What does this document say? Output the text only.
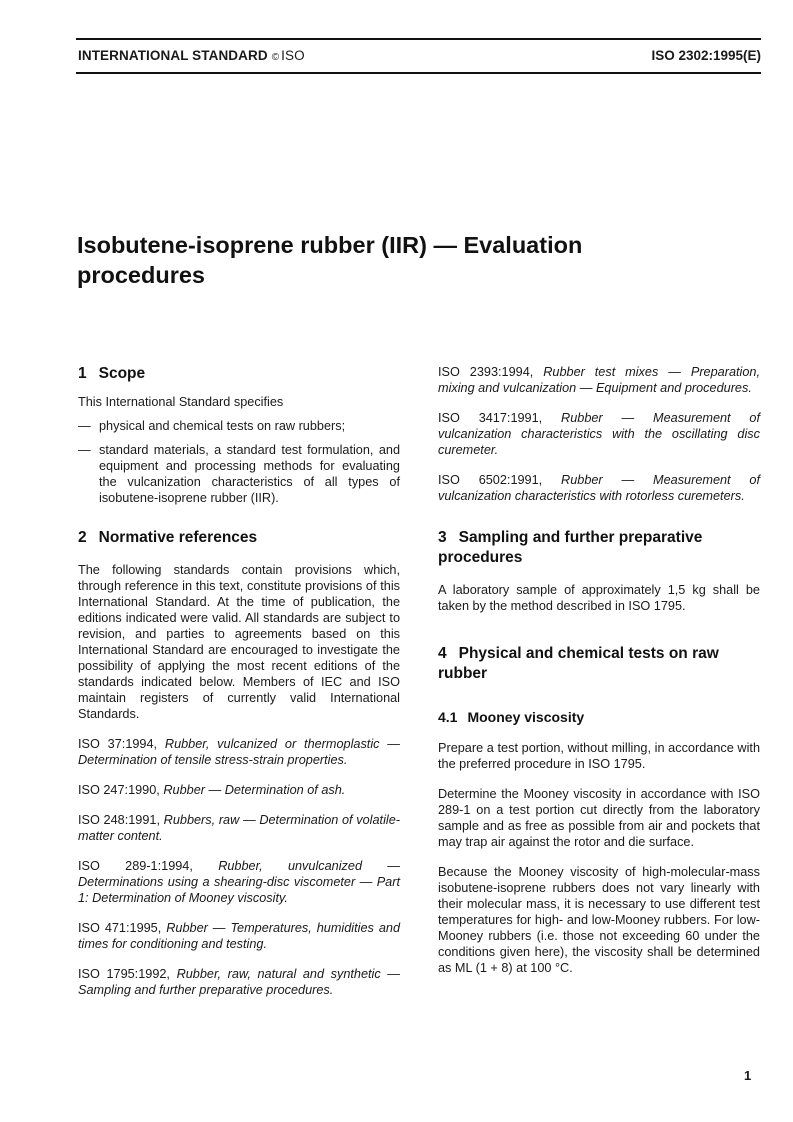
INTERNATIONAL STANDARD © ISO	ISO 2302:1995(E)
Isobutene-isoprene rubber (IIR) — Evaluation
procedures
1 Scope

This International Standard specifies

— physical and chemical tests on raw rubbers;
— standard materials, a standard test formulation, and equipment and processing methods for evaluating the vulcanization characteristics of all types of isobutene-isoprene rubber (IIR).
2 Normative references

The following standards contain provisions which, through reference in this text, constitute provisions of this International Standard. At the time of publication, the editions indicated were valid. All standards are subject to revision, and parties to agreements based on this International Standard are encouraged to investigate the possibility of applying the most recent editions of the standards indicated below. Members of IEC and ISO maintain registers of currently valid International Standards.

ISO 37:1994, Rubber, vulcanized or thermoplastic — Determination of tensile stress-strain properties.

ISO 247:1990, Rubber — Determination of ash.

ISO 248:1991, Rubbers, raw — Determination of volatile-matter content.

ISO 289-1:1994, Rubber, unvulcanized — Determinations using a shearing-disc viscometer — Part 1: Determination of Mooney viscosity.

ISO 471:1995, Rubber — Temperatures, humidities and times for conditioning and testing.

ISO 1795:1992, Rubber, raw, natural and synthetic — Sampling and further preparative procedures.

ISO 2393:1994, Rubber test mixes — Preparation, mixing and vulcanization — Equipment and procedures.

ISO 3417:1991, Rubber — Measurement of vulcanization characteristics with the oscillating disc curemeter.

ISO 6502:1991, Rubber — Measurement of vulcanization characteristics with rotorless curemeters.

3 Sampling and further preparative procedures

A laboratory sample of approximately 1,5 kg shall be taken by the method described in ISO 1795.

4 Physical and chemical tests on raw rubber
4.1 Mooney viscosity

Prepare a test portion, without milling, in accordance with the preferred procedure in ISO 1795.

Determine the Mooney viscosity in accordance with ISO 289-1 on a test portion cut directly from the laboratory sample and as free as possible from air and pockets that may trap air against the rotor and die surface.

Because the Mooney viscosity of high-molecular-mass isobutene-isoprene rubbers does not vary linearly with their molecular mass, it is necessary to use different test temperatures for high- and low-Mooney rubbers. For low-Mooney rubbers (i.e. those not exceeding 60 under the conditions given here), the viscosity shall be determined as ML (1 + 8) at 100 °C.

1
